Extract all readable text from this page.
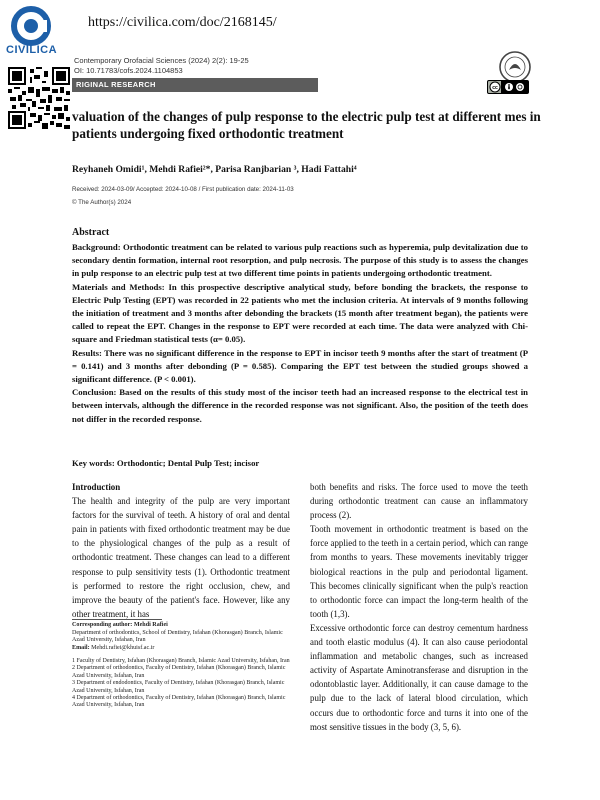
CIVILICA
https://civilica.com/doc/2168145/
Contemporary Orofacial Sciences (2024) 2(2): 19-25
OI: 10.71783/cofs.2024.1104853
RIGINAL RESEARCH	cc
valuation of the changes of pulp response to the electric pulp test at different mes in patients undergoing fixed orthodontic treatment
Reyhaneh Omidi¹, Mehdi Rafiei²*, Parisa Ranjbarian ³, Hadi Fattahi⁴
Received: 2024-03-09/ Accepted: 2024-10-08 / First publication date: 2024-11-03
© The Author(s) 2024
Abstract

Background: Orthodontic treatment can be related to various pulp reactions such as hyperemia, pulp devitalization due to secondary dentin formation, internal root resorption, and pulp necrosis. The purpose of this study is to assess the changes in pulp response to an electric pulp test at two different time points in patients undergoing orthodontic treatment.

Materials and Methods: In this prospective descriptive analytical study, before bonding the brackets, the response to Electric Pulp Testing (EPT) was recorded in 22 patients who met the inclusion criteria. At intervals of 9 months following the initiation of treatment and 3 months after debonding the brackets (15 month after treatment began), the patients were called to repeat the EPT. Changes in the response to EPT were recorded at each time. The data were analyzed with Chi-square and Friedman statistical tests (α= 0.05).

Results: There was no significant difference in the response to EPT in incisor teeth 9 months after the start of treatment (P = 0.141) and 3 months after debonding (P = 0.585). Comparing the EPT test between the studied groups showed a significant difference. (P < 0.001).

Conclusion: Based on the results of this study most of the incisor teeth had an increased response to the electrical test in between intervals, although the difference in the recorded response was not significant. Also, the position of the teeth does not differ in the recorded response.

Key words: Orthodontic; Dental Pulp Test; incisor
Introduction

The health and integrity of the pulp are very important factors for the survival of teeth. A history of oral and dental pain in patients with fixed orthodontic treatment may be due to the physiological changes of the pulp as a result of orthodontic treatment. These changes can lead to a different response to pulp sensitivity tests (1). Orthodontic treatment is performed to restore the right occlusion, chew, and improve the beauty of the patient's face. However, like any other treatment, it has

both benefits and risks. The force used to move the teeth during orthodontic treatment can cause an inflammatory process (2).

Tooth movement in orthodontic treatment is based on the force applied to the teeth in a certain period, which can range from months to years. These movements inevitably trigger biological reactions in the pulp and periodontal ligament. This becomes clinically significant when the pulp's reaction to orthodontic force can impact the long-term health of the tooth (1,3).

Excessive orthodontic force can destroy cementum hardness and tooth elastic modulus (4). It can also cause periodontal inflammation and metabolic changes, such as increased activity of Aspartate Aminotransferase and disruption in the odontoblastic layer. Additionally, it can cause damage to the pulp due to the lack of lateral blood circulation, which occurs due to orthodontic force and turns it into one of the most sensitive tissues in the body (3, 5, 6).

Corresponding author: Mehdi Rafiei
Department of orthodontics, School of Dentistry, Isfahan (Khorasgan) Branch, Islamic Azad University, Isfahan, Iran
Email: Mehdi.rafiei@khuisf.ac.ir

1 Faculty of Dentistry, Isfahan (Khorasgan) Branch, Islamic Azad University, Isfahan, Iran

2 Department of orthodontics, Faculty of Dentistry, Isfahan (Khorasgan) Branch, Islamic Azad University, Isfahan, Iran

3 Department of endodontics, Faculty of Dentistry, Isfahan (Khorasgan) Branch, Islamic Azad University, Isfahan, Iran

4 Department of orthodontics, Faculty of Dentistry, Isfahan (Khorasgan) Branch, Islamic Azad University, Isfahan, Iran
